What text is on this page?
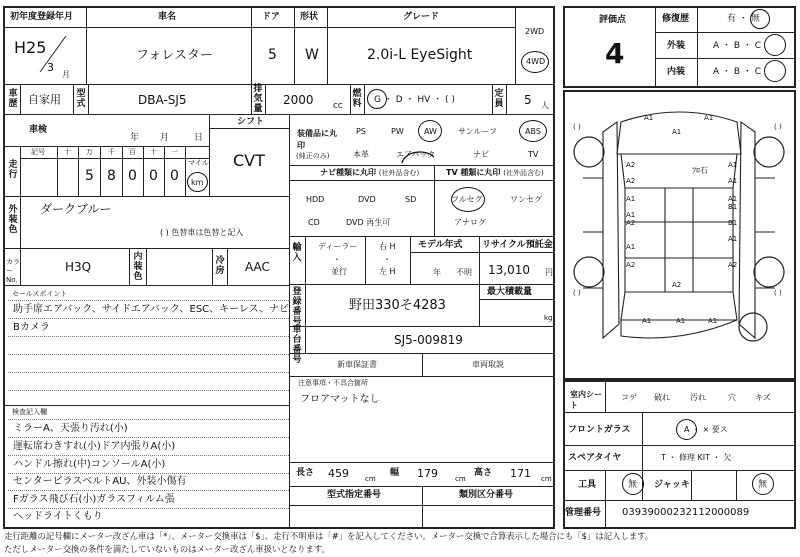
初年度登録年月	車名	ドア 形状	グレード
H25
3
月
フォレスター	5 W	2.0i-L EyeSight
2WD
4WD
評価点
4
修復歴	有 ・ 無
外装	A ・ B ・ C
内装	A ・ B ・ C
車歴 自家用 型式	DBA-SJ5
排気量
2000	CC
燃料 G ・ D ・ HV ・ ( )
定員 5 人
車検
年 月	日
シフト
CVT
走行
記号	十 万 千 百 十 一
5 8 0 0 0
マイル
km
装備品に丸印
(純正のみ)
PS	PW	AW	サンルーフ	ABS
本革	エアバック	ナビ	TV
ナビ種類に丸印 (社外品含む)	TV 種類に丸印 (社外品含む)
HDD	DVD	SD
CD	DVD 再生可
フルセグ	ワンセグ
アナログ
外装色
ダークブルー
( ) 色替車は色替と記入
カラーNo.
H3Q
内装色
冷房 AAC
輸入
ディーラー
・
並行
右 H
・
左 H
モデル年式
年 不明
リサイクル預託金
13,010 円
登録番号
野田330そ4283
最大積載量
kg
車台番号
SJ5-009819
新車保証書	車両取説
注意事項・不具合箇所
フロアマットなし
セールスポイント
助手席エアバック、サイドエアバック、ESC、キーレス、ナビ
Bカメラ
検査記入欄
ミラーA、天張り汚れ(小)
運転席わきすれ(小)ドア内張りA(小)
ハンドル擦れ(中)コンソールA(小)
センターピラスベルトAU、外装小傷有
Fガラス飛び石(小)ガラスフィルム張
ヘッドライトくもり
長さ 459 cm
幅 179 cm
高さ 171 cm
型式指定番号	類別区分番号
A1	A1
A1
A2	A1
A2	A1
A1	A1
B1
A1
A2	B1
A1
A1
A2	A2
A2
A1	A1	A1
ﾌﾛ石
( )	( )
( )	( )
室内シート
コゲ 破れ	汚れ	穴 キズ
フロントガラス	A ・ × 要ス
スペアタイヤ	T ・ 修理 KIT ・ 欠
工具	無 ジャッキ	無
管理番号 03939000232112000089
走行距離の記号欄にメーター改ざん車は「*」、メーター交換車は「$」、走行不明車は「#」を記入してください。メーター交換で合算表示した場合にも「$」は記入します。
ただしメーター交換の条件を満たしていないものはメーター改ざん車扱いとなります。
